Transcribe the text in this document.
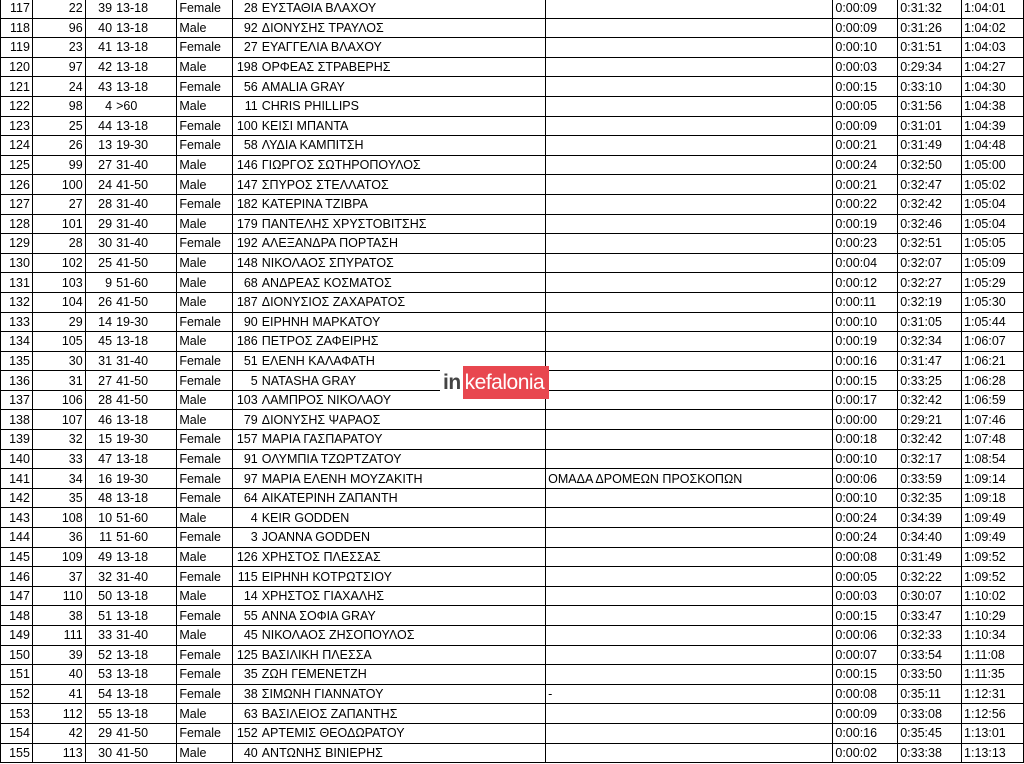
117	22	39	13-18	Female	28	ΕΥΣΤΑΘΙΑ ΒΛΑΧΟΥ		0:00:09	0:31:32	1:04:01
118	96	40	13-18	Male	92	ΔΙΟΝΥΣΗΣ ΤΡΑΥΛΟΣ		0:00:09	0:31:26	1:04:02
119	23	41	13-18	Female	27	ΕΥΑΓΓΕΛΙΑ ΒΛΑΧΟΥ		0:00:10	0:31:51	1:04:03
120	97	42	13-18	Male	198	ΟΡΦΕΑΣ ΣΤΡΑΒΕΡΗΣ		0:00:03	0:29:34	1:04:27
121	24	43	13-18	Female	56	AMALIA GRAY		0:00:15	0:33:10	1:04:30
122	98	4	>60	Male	11	CHRIS PHILLIPS		0:00:05	0:31:56	1:04:38
123	25	44	13-18	Female	100	ΚΕΙΣΙ ΜΠΑΝΤΑ		0:00:09	0:31:01	1:04:39
124	26	13	19-30	Female	58	ΛΥΔΙΑ ΚΑΜΠΙΤΣΗ		0:00:21	0:31:49	1:04:48
125	99	27	31-40	Male	146	ΓΙΩΡΓΟΣ ΣΩΤΗΡΟΠΟΥΛΟΣ		0:00:24	0:32:50	1:05:00
126	100	24	41-50	Male	147	ΣΠΥΡΟΣ ΣΤΕΛΛΑΤΟΣ		0:00:21	0:32:47	1:05:02
127	27	28	31-40	Female	182	ΚΑΤΕΡΙΝΑ ΤΖΙΒΡΑ		0:00:22	0:32:42	1:05:04
128	101	29	31-40	Male	179	ΠΑΝΤΕΛΗΣ ΧΡΥΣΤΟΒΙΤΣΗΣ		0:00:19	0:32:46	1:05:04
129	28	30	31-40	Female	192	ΑΛΕΞΑΝΔΡΑ ΠΟΡΤΑΣΗ		0:00:23	0:32:51	1:05:05
130	102	25	41-50	Male	148	ΝΙΚΟΛΑΟΣ ΣΠΥΡΑΤΟΣ		0:00:04	0:32:07	1:05:09
131	103	9	51-60	Male	68	ΑΝΔΡΕΑΣ ΚΟΣΜΑΤΟΣ		0:00:12	0:32:27	1:05:29
132	104	26	41-50	Male	187	ΔΙΟΝΥΣΙΟΣ ΖΑΧΑΡΑΤΟΣ		0:00:11	0:32:19	1:05:30
133	29	14	19-30	Female	90	ΕΙΡΗΝΗ ΜΑΡΚΑΤΟΥ		0:00:10	0:31:05	1:05:44
134	105	45	13-18	Male	186	ΠΕΤΡΟΣ ΖΑΦΕΙΡΗΣ		0:00:19	0:32:34	1:06:07
135	30	31	31-40	Female	51	ΕΛΕΝΗ ΚΑΛΑΦΑΤΗ		0:00:16	0:31:47	1:06:21
136	31	27	41-50	Female	5	NATASHA GRAY		0:00:15	0:33:25	1:06:28
137	106	28	41-50	Male	103	ΛΑΜΠΡΟΣ ΝΙΚΟΛΑΟΥ		0:00:17	0:32:42	1:06:59
138	107	46	13-18	Male	79	ΔΙΟΝΥΣΗΣ ΨΑΡΑΟΣ		0:00:00	0:29:21	1:07:46
139	32	15	19-30	Female	157	ΜΑΡΙΑ ΓΑΣΠΑΡΑΤΟΥ		0:00:18	0:32:42	1:07:48
140	33	47	13-18	Female	91	ΟΛΥΜΠΙΑ ΤΖΩΡΤΖΑΤΟΥ		0:00:10	0:32:17	1:08:54
141	34	16	19-30	Female	97	ΜΑΡΙΑ ΕΛΕΝΗ ΜΟΥΖΑΚΙΤΗ	ΟΜΑΔΑ ΔΡΟΜΕΩΝ ΠΡΟΣΚΟΠΩΝ	0:00:06	0:33:59	1:09:14
142	35	48	13-18	Female	64	ΑΙΚΑΤΕΡΙΝΗ ΖΑΠΑΝΤΗ		0:00:10	0:32:35	1:09:18
143	108	10	51-60	Male	4	KEIR GODDEN		0:00:24	0:34:39	1:09:49
144	36	11	51-60	Female	3	JOANNA GODDEN		0:00:24	0:34:40	1:09:49
145	109	49	13-18	Male	126	ΧΡΗΣΤΟΣ ΠΛΕΣΣΑΣ		0:00:08	0:31:49	1:09:52
146	37	32	31-40	Female	115	ΕΙΡΗΝΗ ΚΟΤΡΩΤΣΙΟΥ		0:00:05	0:32:22	1:09:52
147	110	50	13-18	Male	14	ΧΡΗΣΤΟΣ ΓΙΑΧΑΛΗΣ		0:00:03	0:30:07	1:10:02
148	38	51	13-18	Female	55	ΑΝΝΑ ΣΟΦΙΑ GRAY		0:00:15	0:33:47	1:10:29
149	111	33	31-40	Male	45	ΝΙΚΟΛΑΟΣ ΖΗΣΟΠΟΥΛΟΣ		0:00:06	0:32:33	1:10:34
150	39	52	13-18	Female	125	ΒΑΣΙΛΙΚΗ ΠΛΕΣΣΑ		0:00:07	0:33:54	1:11:08
151	40	53	13-18	Female	35	ΖΩΗ ΓΕΜΕΝΕΤΖΗ		0:00:15	0:33:50	1:11:35
152	41	54	13-18	Female	38	ΣΙΜΩΝΗ ΓΙΑΝΝΑΤΟΥ	-	0:00:08	0:35:11	1:12:31
153	112	55	13-18	Male	63	ΒΑΣΙΛΕΙΟΣ ΖΑΠΑΝΤΗΣ		0:00:09	0:33:08	1:12:56
154	42	29	41-50	Female	152	ΑΡΤΕΜΙΣ ΘΕΟΔΩΡΑΤΟΥ		0:00:16	0:35:45	1:13:01
155	113	30	41-50	Male	40	ΑΝΤΩΝΗΣ ΒΙΝΙΕΡΗΣ		0:00:02	0:33:38	1:13:13
in kefalonia
